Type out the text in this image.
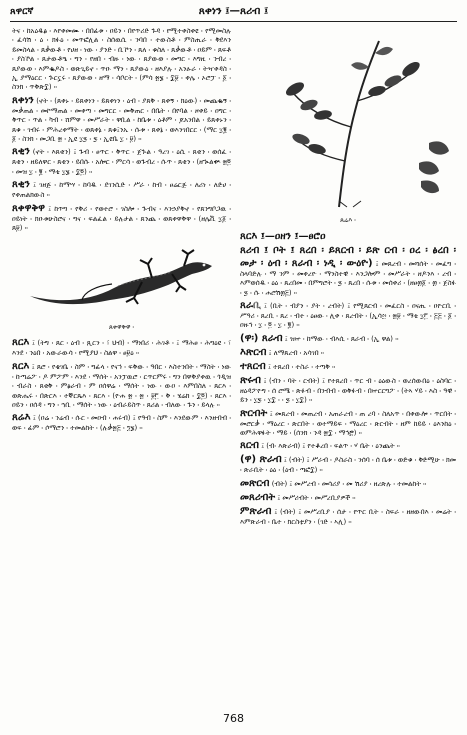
ጸዋርኛ	ጸቀነን ፤—ጸሪብ ፤
ትና ፡ ከአዕዱፅ ፡ እየቀመሙ ፡ በበፊቱ ፡ ዐይን ፡ በየጥሪድ ጉዳ ፡ የሚተቀስቀዩ ፡ የሚመስሉ ፡ ፈሳሽ ፡ ዕ ፡ ክፉዕ ፡ መጥፎሊል ፡ ስሰዉሲ ፡ ንባበ ፡ ተውስቶ ፡ ምስጢራ ፡ ቅደእን ይመስላል ፡ ጸቃውቶ ፡ የሀዘ ፡ ነው ፡ ያንድ ፡ ቢኾን ፡ ጸለ ፡ ቁስለ ፡ ጸቃውቶ ፡ ዐይም ፡ ጸፍቶ ፡ ያስኾል ፡ ጸታውቶዔ ፡ ግን ፡ የዘበ ፡ ብዙ ፡ ነው ፡ ጸያውወ ፡ መግር ፡ እግዚ ፡ ንብረ ፡ ጸያውወ ፡ እምቈዶስ ፡ ወጽጊይኖ ፡ ጥዑ ማን ፡ ጸያውዕ ፡ ዘእያሉ ፡ አንፁራ ፡ ትዣቀዳስ ፡ ኢ ያማዕርር ፡ ጕርኗሩ ፡ ጸያውወ ፡ ዘማ ፡ ሳቦርት ፡ (ምሳ ፳፮ ፡ ፰፱ ፡ ቀሌ ፡ ኦሮፓ ፡ ፩ ፡ ስንክ ፡ ጥቅጽ፰) ፡፡
ጸቀነን (ኖት ፡ (ጸቀኑ ፡ ይጸቀነን ፡ ይጸቀነን ፡ ዕብ ፡ ያጸቅ ፡ ጸቀኝ ፡ ክዕው) ፡ መጨቈኝ ፡ መቃጠል ፡ መኮማጠል ፡ መቀጣ ፡ መግርር ፡ መቅጠር ፡ በቤት ፡ በየባል ፡ ዞቀይ ፡ ዐግር ፡ ቅጥር ፡ ጥል ፡ ካብ ፡ ሸምዋ ፡ መሥራት ፡ ዋቢል ፡ ከቤቱ ፡ ዕቶም ፡ ጆአንበል ፡ ይጸቀኑን ፡ ጸቁ ፡ ገብሩ ፡ ምሕረቀማት ፡ ወጸቀኔ ፡ ጸቁ፤ንኡ ፡ ሱቱ ፡ ጸቀኔ ፡ ወእንገበርር ፡ (ማር ፲፪ ፡ ፩ ፡ ስንክ ፡ መጋቢ ፳ ፡ ኢዩ ፲፯ ፡ ፯ ፡ ኢዩቤ ፲ ፡ ፱) ፡፡
ጸቂን (ኖት ፡ እጸቂን) ፤ ጉብ ፡ ፀጥር ፡ ቅጥር ፡ ጀጕል ፡ ዓረገ ፡ ዕሲ ፡ ጸቂን ፡ ወሰፈ ፡ ጸቂን ፡ ዘይለዋር ፡ ጸቂን ፡ ይበሱ ፡ አሎር ፡ ምርሳ ፡ ወጉብረ ፡ ሱጥ ፡ ጸቂን ፡ (ዘኊልቊ ፳፬ ፡ መዝ ፲ ፡ ፪ ፡ ማቴ ፲፮ ፡ ፰፬) ፡፡
ጸቂን ፤ ገዘጅ ፡ ከማሣ ፡ ከባዱ ፡ ደገንሲድ ፡ ሥራ ፡ ከብ ፡ ፀሬርጅ ፡ ለሪነ ፡ ለድሀ ፡ የቀጠልክውስ ፡፡
ጸቀዋቅዋ ፤ ከጥግ ፡ የቅሪ ፡ የወተሮ ፡ ገስሎ ፡ ጕብና ፡ እንኃያቅኖ ፡ የጸንግቦጋዉ ፡ ዐይነት ፡ ክዑቱሁስሮና ፡ ግና ፡ ፍልፈል ፡ ይሉታል ፡ ጸንጨ ፡ ወጸቀዋቅዋ ፡ (ዘሌቪ ፲፩ ፡ ጸ፱) ፡፡
ጸቀዋቅዋ ፡
ጸርእ ፤ (ትግ ፡ ጸር ፡ ዕብ ፡ ጺርን ፡ ፣ ህብ) ፡ ማነበሪ ፡ ሕገቶ ፡ ፤ ማሕፀ ፡ ሕግዕዩ ፡ ፣ እንደ ፡ ንዕበ ፡ አውራውሳ ፡ የሚያህ ፡ ስልዋ ፡ ፀ፱ዕ ፡፡
ጸርእ ፤ ጸሮ ፡ የቄገቤ ፡ ስም ፡ ግፊላ ፡ የናኅ ፡ ፍቅው ፡ ዓበር ፡ እስተንበት ፡ ማስት ፡ ነው ፡ ኩጣሬፖ ፡ ዶ ምፖም ፡ እንደ ፡ ማሰት ፡ አንፓዉሮ ፡ ርጥርምሩ ፡ ግን በዋቅያቀዉ ፡ ጎዲዝ ፡ ብራስ ፡ ጸቂቅ ፡ ምፅራብ ፡ ም ዐሰዋሬ ፡ ማሰት ፡ ነው ፡ ውዐ ፡ እምበስለ ፡ ጸርእ ፡ ወጽሔሩ ፡ በጽርእ ፡ ተኞርጼእ ፡ ጸርእ ፡ (ዮሐ ፳ ፡ ፳ ፡ ፱፫ ፡ ቅ ፡ ሄሬክ ፡ ፰፬) ፡ ጸርእ ፡ ዐይን ፡ ዐሰዳ ፡ ግን ፡ ኀቢ ፡ ማሰት ፡ ነው ፡ ዕብራይስጥ ፡ ጸሪል ፡ ብለው ፡ ጉን ፡ ይላሉ ፡፡
ጸሬእ ፤ (ዐሬ ፡ ንሬብ ፡ ሱር ፡ መዐብ ፡ ሐሩብ) ፤ የዓብ ፡ ስም ፡ እንደውም ፡ እንዘብብ ፡ ወፍ ፡ ፊም ፡ ሶማሮን ፡ ተመልከት ፡ (ሉቃ፳፭ ፡ ፺፮) ፡፡
ጸሬእ ፡
ጸርእ ፤—ዐዘን ፤—ፀሮዐ
ጸሪብ ፤ ቦት ፤ ጸረበ ፡ ይጸርብ ፡ ይጽ ርብ ፡ ዐረ ፡ ፅረበ ፡ መታ ፡ ዕብ ፡ ጸራብ ፡ ነዲ ፡ ውዕዮ) ፤ መጸረብ ፡ መሻሰት ፡ መፈግ ፡ ስላባድሉ ፡ ማ ንም ፡ መቀረዮ ፡ ማንስተዊ ፡ እንጋሎም ፡ መሥራት ፡ ዘዶንእ ፡ ረብ ፡ እምወሰዱ ፡ ዕዕ ፡ ጸረበመ ፡ በምግሮት ፡ ፯ ፡ ጸረበ ፡ ሱቱ ፡ መሰቀሪ ፡ (ዘፀ፴፩ ፡ ፴ ፡ ጀስፉ ፡ ፯ ፡ ሱ ፡ ሐሮሽ፴፭) ፡፡
ጸራቢ ፤ (ቢት ፡ ብያን ፡ ያት ፡ ረብት) ፤ የሚጸርብ ፡ መፈርስ ፡ ዐናጢ ፡ ዐዮርቢ ፡ ሥዓሪ ፡ ጸረቢ ፡ ጸረ ፡ ብተ ፡ ዕፀው ፡ ሊቀ ፡ ጸረብት ፡ (ኢሳ፵ ፡ ፳፱ ፡ ማቴ ፲፫ ፡ ፭፭ ፡ ፩ ፡ ዐዙኅ ፡ ፲ ፡ ፬ ፡ ፲ ፡ ፪) ፡፡
(ዋ፡) ጸራብ ፤ ዝኵ ፡ ከማው ፡ ብእሲ ፡ ጸራብ ፡ (ኢ ዋል) ፡፡
እጽርብ ፤ ለማጸረብ ፡ አሳገበ ፡፡
ተጸርብ ፤ ተጸረበ ፡ ተስራ ፡ ተጣቅ ፡፡
ጽሩብ ፤ (ብን ፡ ባት ፡ ርብት) ፤ የተጸረበ ፡ ጥር ብ ፡ ዕዕውስ ፡ ወረሰውበዕ ፡ ዕስባር ፡ ዘዕዳፖዮግ ፡ ሰ ሮሜ ፡ ጽፉብ ፡ በንብብ ፡ ወቅፉብ ፡ በኵርርግፖ ፡ (ትኣ ሃይ ፡ እስ ፡ ዓዊ ፡ ይን ፡ ፲፯ ፡ ፲፰ ፡ ፡ ፯ ፡ ፲፰) ፡፡
ጽርብት ፤ መጸረብ ፡ መጠረብ ፡ አጠራረብ ፡ ጠ ረባ ፡ ስለአጥ ፡ በቀውሎ ፡ ጥርበት ፡ መሮርቃ ፡ ማዕረር ፡ ጽርበት ፡ ወተማይፍ ፡ ማዕረር ፡ ጽርብት ፡ ዘም ከይይ ፡ ዕእንከዕ ፡ ወምሕዋፉት ፡ ማይ ፡ (ሰንክ ፡ ንዳ ፳፰ ፡ ማኅ፸) ፡፡
ጸርብ ፤ (ብ፡ እጽራብ) ፤ የተቆረበ ፡ ፍልጥ ፡ ሃ ቤት ፡ ዕንጨት ፡፡
(ዋ) ጽራብ ፤ (ብት) ፤ ሥራብ ፡ ዶስራስ ፡ ንሰባ ፡ ሰ ቤቱ ፡ ወድቁ ፡ ቅድሚሁ ፡ ክመ ፡ ጽራቢት ፡ ዕዕ ፡ (ዕብ ፡ ጣፎ፰) ፡፡
መጽርብ (ብት) ፤ መሥረብ ፡ መሳሪያ ፡ መ ሽሪያ ፡ ዘረጽሉ ፡ ተመልከት ፡፡
መጸሪብት ፤ መሥሪብት ፡ መሥረቢያዎች ፡፡
ምጽራብ ፤ (ብት) ፤ መሥረቢያ ፡ ሰታ ፡ የጥር ቢት ፡ ስፍራ ፡ ዘዘውበእ ፡ መሬት ፡ እምጽራብ ፡ ቤተ ፡ ክርስቲያን ፡ (ገድ ፡ ኣሊ) ፡፡
768
